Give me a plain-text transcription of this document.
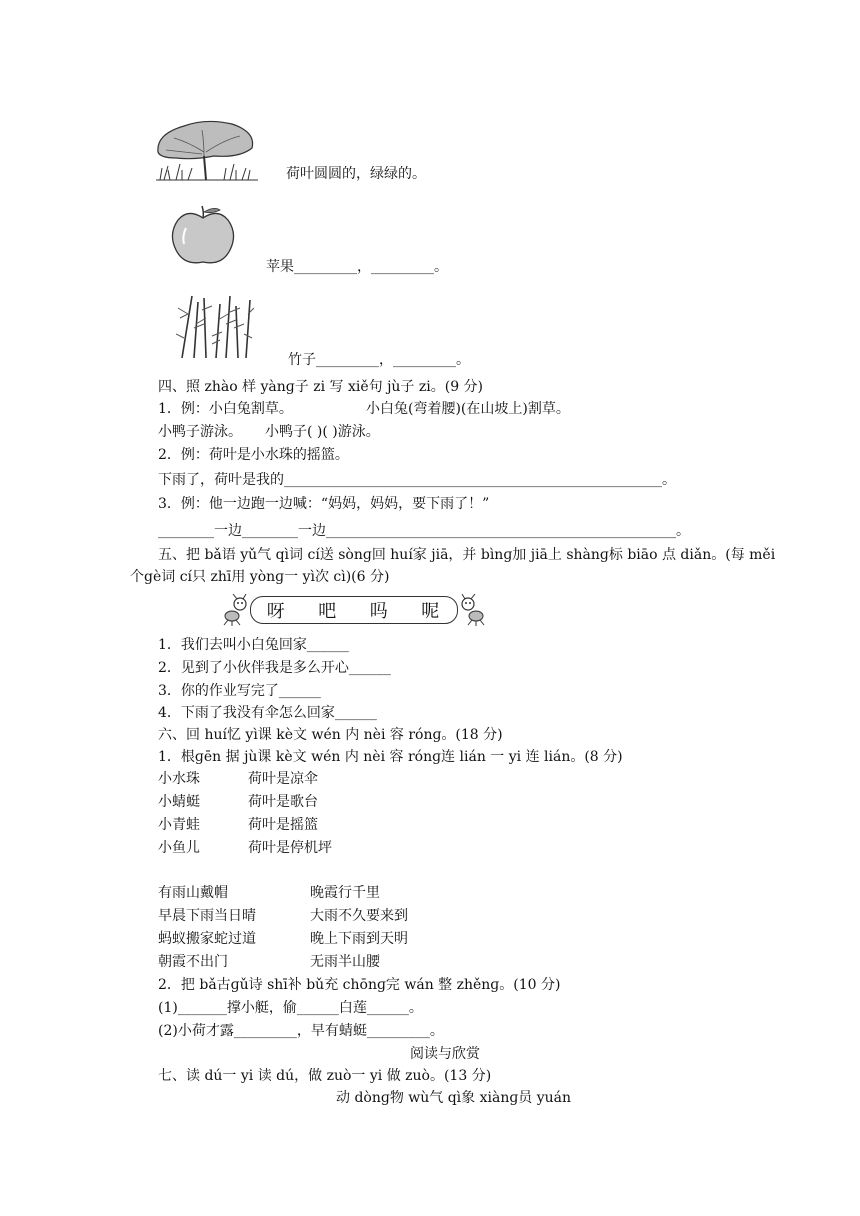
荷叶圆圆的，绿绿的。
苹果_________，_________。
竹子_________，_________。
四、照 zhào 样 yànɡ子 zi 写 xiě句 jù子 zi。(9 分)
1．例：小白兔割草。	小白兔(弯着腰)(在山坡上)割草。
小鸭子游泳。 小鸭子( )( )游泳。
2．例：荷叶是小水珠的摇篮。
下雨了，荷叶是我的______________________________________________________。
3．例：他一边跑一边喊：“妈妈，妈妈，要下雨了！”
________一边________一边__________________________________________________。
五、把 bǎ语 yǔ气 qì词 cí送 sònɡ回 huí家 jiā，并 bìnɡ加 jiā上 shànɡ标 biāo 点 diǎn。(每 měi
个gè词 cí只 zhī用 yònɡ一 yì次 cì)(6 分)
呀 吧 吗 呢
1．我们去叫小白兔回家______
2．见到了小伙伴我是多么开心______
3．你的作业写完了______
4．下雨了我没有伞怎么回家______
六、回 huí忆 yì课 kè文 wén 内 nèi 容 rónɡ。(18 分)
1．根ɡēn 据 jù课 kè文 wén 内 nèi 容 rónɡ连 lián 一 yi 连 lián。(8 分)
小水珠	荷叶是凉伞
小蜻蜓	荷叶是歌台
小青蛙	荷叶是摇篮
小鱼儿	荷叶是停机坪
有雨山戴帽	晚霞行千里
早晨下雨当日晴	大雨不久要来到
蚂蚁搬家蛇过道	晚上下雨到天明
朝霞不出门	无雨半山腰
2．把 bǎ古ɡǔ诗 shī补 bǔ充 chōnɡ完 wán 整 zhěnɡ。(10 分)
(1)_______撑小艇，偷______白莲______。
(2)小荷才露_________，早有蜻蜓_________。
阅读与欣赏
七、读 dú一 yi 读 dú，做 zuò一 yi 做 zuò。(13 分)
动 dònɡ物 wù气 qì象 xiànɡ员 yuán
